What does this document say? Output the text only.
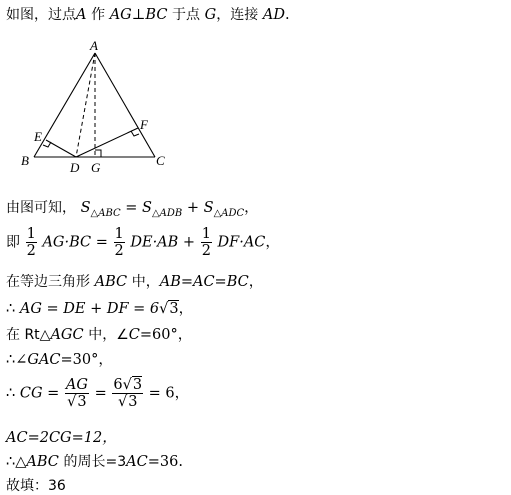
如图，过点A 作 AG⊥BC 于点 G，连接 AD.
A
B	C
D
E
F
G
由图可知， $S_{\triangle ABC} = S_{\triangle ADB} + S_{\triangle ADC}$，
即 $\frac{1}{2} AG\cdot BC = \frac{1}{2} DE\cdot AB + \frac{1}{2} DF\cdot AC$，
在等边三角形 ABC 中，AB=AC=BC，
∴ AG = DE + DF = 6√3，
在 Rt△AGC 中，∠C=60°，
∴∠GAC=30°，
∴ CG = $\frac{AG}{√3} = \frac{6√3}{√3} = 6$，
AC=2CG=12，
∴△ABC 的周长=3AC=36.
故填：36
